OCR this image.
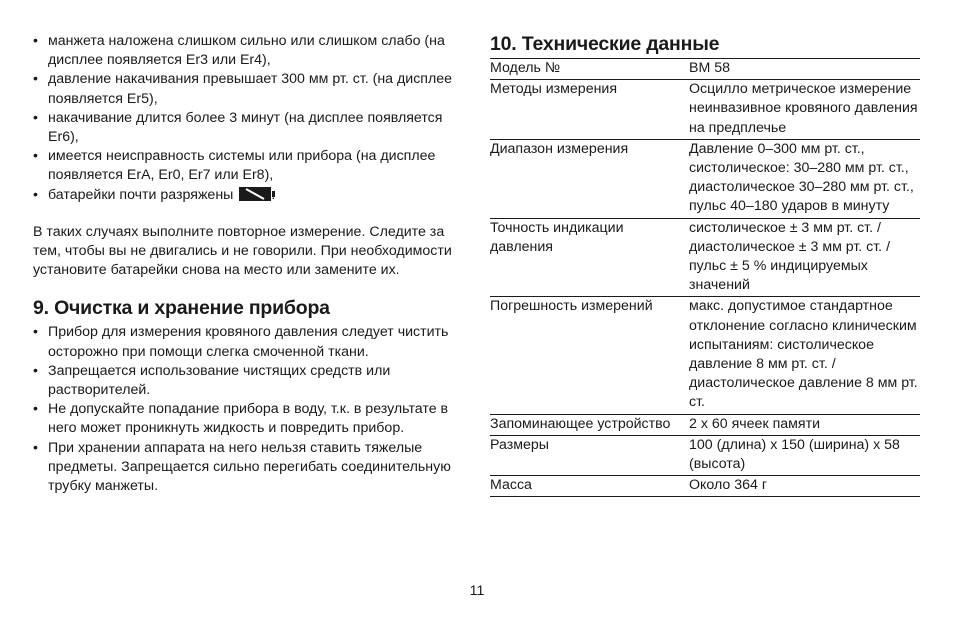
• манжета наложена слишком сильно или слишком слабо (на дисплее появляется Er3 или Er4),
• давление накачивания превышает 300 мм рт. ст. (на дисплее появляется Er5),
• накачивание длится более 3 минут (на дисплее появляется Er6),
• имеется неисправность системы или прибора (на дисплее появляется ErA, Er0, Er7 или Er8),
• батарейки почти разряжены
В таких случаях выполните повторное измерение. Следите за тем, чтобы вы не двигались и не говорили. При необходимости установите батарейки снова на место или замените их.
9. Очистка и хранение прибора
• Прибор для измерения кровяного давления следует чистить осторожно при помощи слегка смоченной ткани.
• Запрещается использование чистящих средств или растворителей.
• Не допускайте попадание прибора в воду, т.к. в результате в него может проникнуть жидкость и повредить прибор.
• При хранении аппарата на него нельзя ставить тяжелые предметы. Запрещается сильно перегибать соединительную трубку манжеты.
10. Технические данные
Модель №	BM 58
Методы измерения	Осцилло метрическое измерение неинвазивное кровяного давления на предплечье
Диапазон измерения	Давление 0–300 мм рт. ст., систолическое: 30–280 мм рт. ст., диастолическое 30–280 мм рт. ст., пульс 40–180 ударов в минуту
Точность индикации давления	систолическое ± 3 мм рт. ст. / диастолическое ± 3 мм рт. ст. / пульс ± 5 % индицируемых значений
Погрешность измерений	макс. допустимое стандартное отклонение согласно клиническим испытаниям: систолическое давление 8 мм рт. ст. / диастолическое давление 8 мм рт. ст.
Запоминающее устройство	2 x 60 ячеек памяти
Размеры	100 (длина) x 150 (ширина) x 58 (высота)
Масса	Около 364 г
11
